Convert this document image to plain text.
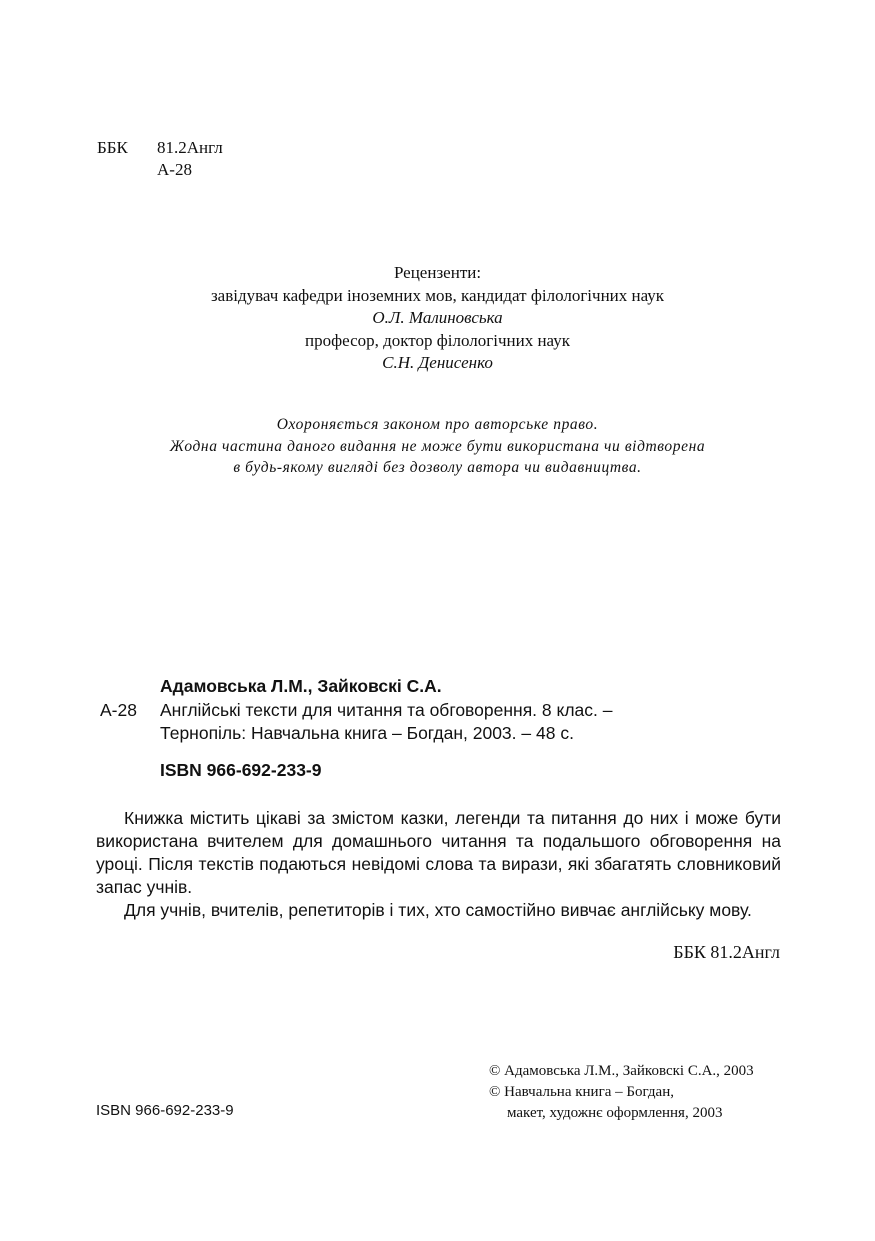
ББК 81.2Англ
А-28
Рецензенти:
завідувач кафедри іноземних мов, кандидат філологічних наук
О.Л. Малиновська
професор, доктор філологічних наук
С.Н. Денисенко
Охороняється законом про авторське право.
Жодна частина даного видання не може бути використана чи відтворена
в будь-якому вигляді без дозволу автора чи видавництва.
Адамовська Л.М., Зайковскі С.А.
А-28 Англійські тексти для читання та обговорення. 8 клас. –
Тернопіль: Навчальна книга – Богдан, 2003. – 48 с.
ISBN 966-692-233-9

Книжка містить цікаві за змістом казки, легенди та питання до них і може бути використана вчителем для домашнього читання та подальшого обговорення на уроці. Після текстів подаються невідомі слова та вирази, які збагатять словниковий запас учнів.

Для учнів, вчителів, репетиторів і тих, хто самостійно вивчає англійську мову.

ББК 81.2Англ
ISBN 966-692-233-9
© Адамовська Л.М., Зайковскі С.А., 2003
© Навчальна книга – Богдан,
макет, художнє оформлення, 2003
